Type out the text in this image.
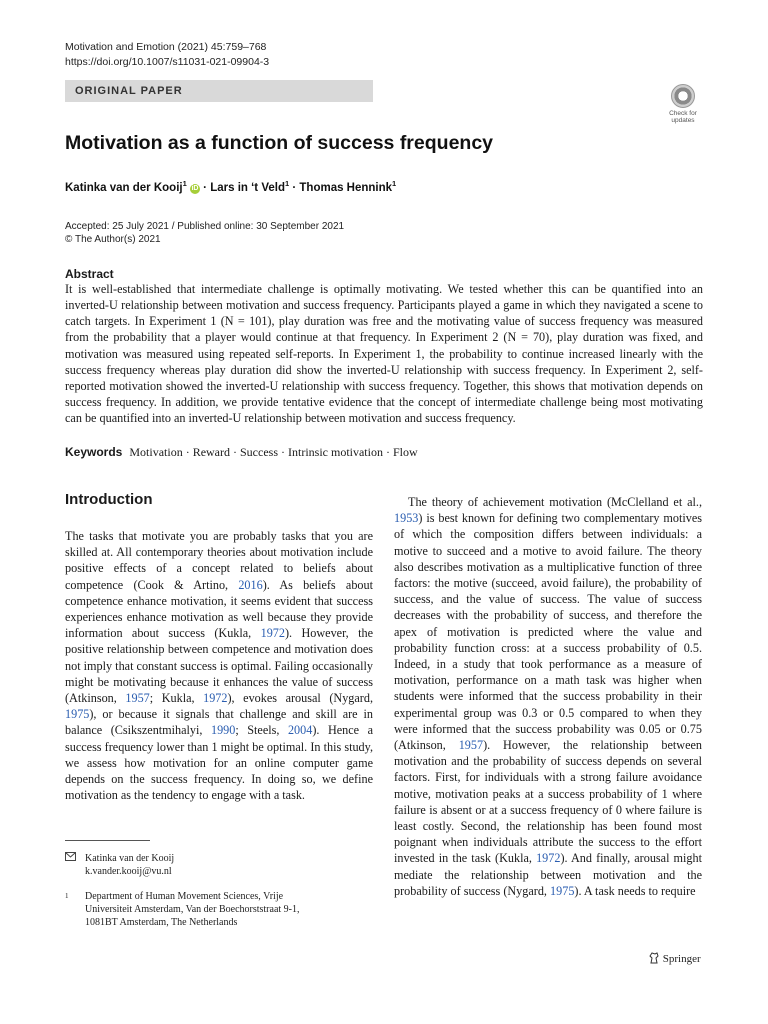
Motivation and Emotion (2021) 45:759–768
https://doi.org/10.1007/s11031-021-09904-3
ORIGINAL PAPER
Check for
updates
Motivation as a function of success frequency
Katinka van der Kooij$^1$ iD · Lars in ‘t Veld$^1$ · Thomas Hennink$^1$
Accepted: 25 July 2021 / Published online: 30 September 2021
© The Author(s) 2021
Abstract

It is well-established that intermediate challenge is optimally motivating. We tested whether this can be quantified into an inverted-U relationship between motivation and success frequency. Participants played a game in which they navigated a scene to catch targets. In Experiment 1 (N = 101), play duration was free and the motivating value of success frequency was measured from the probability that a player would continue at that frequency. In Experiment 2 (N = 70), play duration was fixed, and motivation was measured using repeated self-reports. In Experiment 1, the probability to continue increased linearly with the success frequency whereas play duration did show the inverted-U relationship with success frequency. In Experiment 2, self-reported motivation showed the inverted-U relationship with success frequency. Together, this shows that motivation depends on success frequency. In addition, we provide tentative evidence that the concept of intermediate challenge being most motivating can be quantified into an inverted-U relationship between motivation and success frequency.

Keywords Motivation · Reward · Success · Intrinsic motivation · Flow
Introduction

The tasks that motivate you are probably tasks that you are skilled at. All contemporary theories about motivation include positive effects of a concept related to beliefs about competence (Cook & Artino, 2016). As beliefs about competence enhance motivation, it seems evident that success experiences enhance motivation as well because they provide information about success (Kukla, 1972). However, the positive relationship between competence and motivation does not imply that constant success is optimal. Failing occasionally might be motivating because it enhances the value of success (Atkinson, 1957; Kukla, 1972), evokes arousal (Nygard, 1975), or because it signals that challenge and skill are in balance (Csikszentmihalyi, 1990; Steels, 2004). Hence a success frequency lower than 1 might be optimal. In this study, we assess how motivation for an online computer game depends on the success frequency. In doing so, we define motivation as the tendency to engage with a task.

The theory of achievement motivation (McClelland et al., 1953) is best known for defining two complementary motives of which the composition differs between individuals: a motive to succeed and a motive to avoid failure. The theory also describes motivation as a multiplicative function of three factors: the motive (succeed, avoid failure), the probability of success, and the value of success. The value of success decreases with the probability of success, and therefore the apex of motivation is predicted where the value and probability function cross: at a success probability of 0.5. Indeed, in a study that took performance as a measure of motivation, performance on a math task was higher when students were informed that the success probability in their experimental group was 0.3 or 0.5 compared to when they were informed that the success probability was 0.05 or 0.75 (Atkinson, 1957). However, the relationship between motivation and the probability of success depends on several factors. First, for individuals with a strong failure avoidance motive, motivation peaks at a success probability of 1 where failure is absent or at a success frequency of 0 where failure is least costly. Second, the relationship has been found most poignant when individuals attribute the success to the effort invested in the task (Kukla, 1972). And finally, arousal might mediate the relationship between motivation and the probability of success (Nygard, 1975). A task needs to require

Katinka van der Kooij
k.vander.kooij@vu.nl
1 Department of Human Movement Sciences, Vrije
Universiteit Amsterdam, Van der Boechorststraat 9-1,
1081BT Amsterdam, The Netherlands
Springer
